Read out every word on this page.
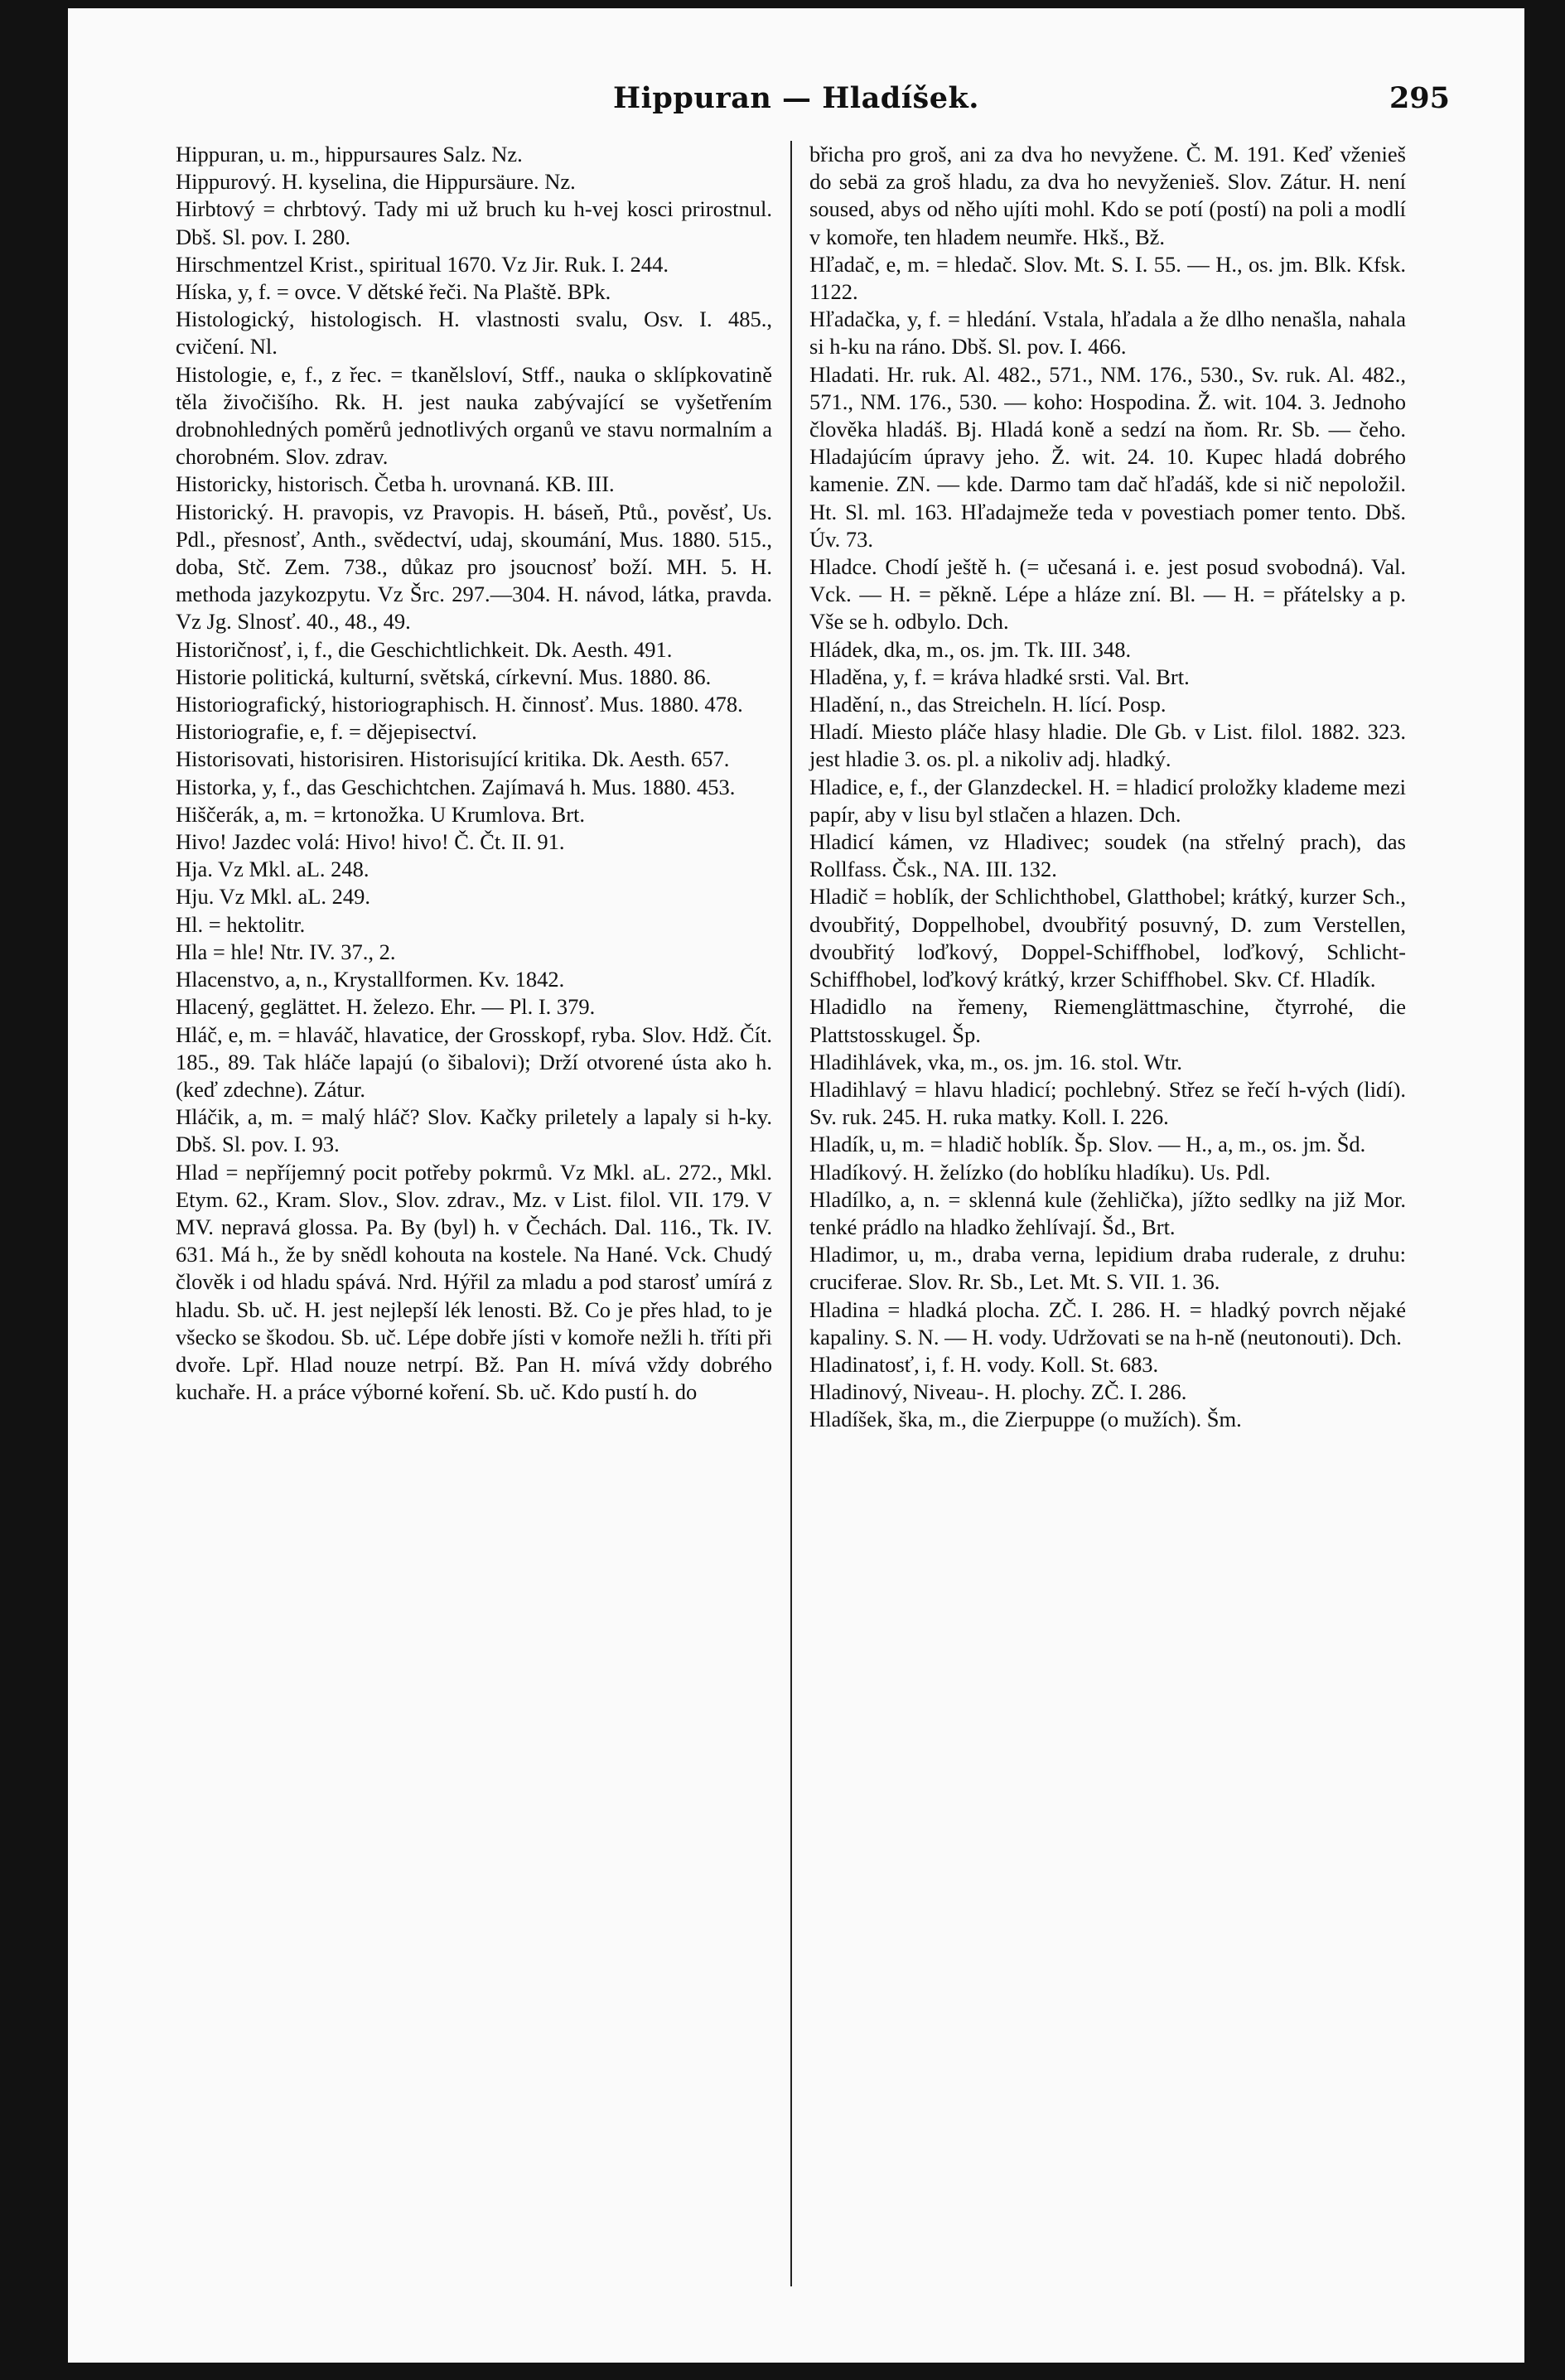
Hippuran — Hladíšek.	295

Hippuran, u. m., hippursaures Salz. Nz.

Hippurový. H. kyselina, die Hippursäure. Nz.

Hirbtový = chrbtový. Tady mi už bruch ku h-vej kosci prirostnul. Dbš. Sl. pov. I. 280.

Hirschmentzel Krist., spiritual 1670. Vz Jir. Ruk. I. 244.

Híska, y, f. = ovce. V dětské řeči. Na Plaště. BPk.

Histologický, histologisch. H. vlastnosti svalu, Osv. I. 485., cvičení. Nl.

Histologie, e, f., z řec. = tkanělsloví, Stff., nauka o sklípkovatině těla živočišího. Rk. H. jest nauka zabývající se vyšetřením drobnohledných poměrů jednotlivých organů ve stavu normalním a chorobném. Slov. zdrav.

Historicky, historisch. Četba h. urovnaná. KB. III.

Historický. H. pravopis, vz Pravopis. H. báseň, Ptů., pověsť, Us. Pdl., přesnosť, Anth., svědectví, udaj, skoumání, Mus. 1880. 515., doba, Stč. Zem. 738., důkaz pro jsoucnosť boží. MH. 5. H. methoda jazykozpytu. Vz Šrc. 297.—304. H. návod, látka, pravda. Vz Jg. Slnosť. 40., 48., 49.

Historičnosť, i, f., die Geschichtlichkeit. Dk. Aesth. 491.

Historie politická, kulturní, světská, církevní. Mus. 1880. 86.

Historiografický, historiographisch. H. činnosť. Mus. 1880. 478.

Historiografie, e, f. = dějepisectví.

Historisovati, historisiren. Historisující kritika. Dk. Aesth. 657.

Historka, y, f., das Geschichtchen. Zajímavá h. Mus. 1880. 453.

Hiščerák, a, m. = krtonožka. U Krumlova. Brt.

Hivo! Jazdec volá: Hivo! hivo! Č. Čt. II. 91.

Hja. Vz Mkl. aL. 248.

Hju. Vz Mkl. aL. 249.

Hl. = hektolitr.

Hla = hle! Ntr. IV. 37., 2.

Hlacenstvo, a, n., Krystallformen. Kv. 1842.

Hlacený, geglättet. H. železo. Ehr. — Pl. I. 379.

Hláč, e, m. = hlaváč, hlavatice, der Grosskopf, ryba. Slov. Hdž. Čít. 185., 89. Tak hláče lapajú (o šibalovi); Drží otvorené ústa ako h. (keď zdechne). Zátur.

Hláčik, a, m. = malý hláč? Slov. Kačky priletely a lapaly si h-ky. Dbš. Sl. pov. I. 93.

Hlad = nepříjemný pocit potřeby pokrmů. Vz Mkl. aL. 272., Mkl. Etym. 62., Kram. Slov., Slov. zdrav., Mz. v List. filol. VII. 179. V MV. nepravá glossa. Pa. By (byl) h. v Čechách. Dal. 116., Tk. IV. 631. Má h., že by snědl kohouta na kostele. Na Hané. Vck. Chudý člověk i od hladu spává. Nrd. Hýřil za mladu a pod starosť umírá z hladu. Sb. uč. H. jest nejlepší lék lenosti. Bž. Co je přes hlad, to je všecko se škodou. Sb. uč. Lépe dobře jísti v komoře nežli h. tříti při dvoře. Lpř. Hlad nouze netrpí. Bž. Pan H. mívá vždy dobrého kuchaře. H. a práce výborné koření. Sb. uč. Kdo pustí h. do

břicha pro groš, ani za dva ho nevyžene. Č. M. 191. Keď vženieš do sebä za groš hladu, za dva ho nevyženieš. Slov. Zátur. H. není soused, abys od něho ujíti mohl. Kdo se potí (postí) na poli a modlí v komoře, ten hladem neumře. Hkš., Bž.

Hľadač, e, m. = hledač. Slov. Mt. S. I. 55. — H., os. jm. Blk. Kfsk. 1122.

Hľadačka, y, f. = hledání. Vstala, hľadala a že dlho nenašla, nahala si h-ku na ráno. Dbš. Sl. pov. I. 466.

Hladati. Hr. ruk. Al. 482., 571., NM. 176., 530., Sv. ruk. Al. 482., 571., NM. 176., 530. — koho: Hospodina. Ž. wit. 104. 3. Jednoho člověka hladáš. Bj. Hladá koně a sedzí na ňom. Rr. Sb. — čeho. Hladajúcím úpravy jeho. Ž. wit. 24. 10. Kupec hladá dobrého kamenie. ZN. — kde. Darmo tam dač hľadáš, kde si nič nepoložil. Ht. Sl. ml. 163. Hľadajmeže teda v povestiach pomer tento. Dbš. Úv. 73.

Hladce. Chodí ještě h. (= učesaná i. e. jest posud svobodná). Val. Vck. — H. = pěkně. Lépe a hláze zní. Bl. — H. = přátelsky a p. Vše se h. odbylo. Dch.

Hládek, dka, m., os. jm. Tk. III. 348.

Hladěna, y, f. = kráva hladké srsti. Val. Brt.

Hladění, n., das Streicheln. H. lící. Posp.

Hladí. Miesto pláče hlasy hladie. Dle Gb. v List. filol. 1882. 323. jest hladie 3. os. pl. a nikoliv adj. hladký.

Hladice, e, f., der Glanzdeckel. H. = hladicí proložky klademe mezi papír, aby v lisu byl stlačen a hlazen. Dch.

Hladicí kámen, vz Hladivec; soudek (na střelný prach), das Rollfass. Čsk., NA. III. 132.

Hladič = hoblík, der Schlichthobel, Glatthobel; krátký, kurzer Sch., dvoubřitý, Doppelhobel, dvoubřitý posuvný, D. zum Verstellen, dvoubřitý loďkový, Doppel-Schiffhobel, loďkový, Schlicht-Schiffhobel, loďkový krátký, krzer Schiffhobel. Skv. Cf. Hladík.

Hladidlo na řemeny, Riemenglättmaschine, čtyrrohé, die Plattstosskugel. Šp.

Hladihlávek, vka, m., os. jm. 16. stol. Wtr.

Hladihlavý = hlavu hladicí; pochlebný. Střez se řečí h-vých (lidí). Sv. ruk. 245. H. ruka matky. Koll. I. 226.

Hladík, u, m. = hladič hoblík. Šp. Slov. — H., a, m., os. jm. Šd.

Hladíkový. H. želízko (do hoblíku hladíku). Us. Pdl.

Hladílko, a, n. = sklenná kule (žehlička), jížto sedlky na již Mor. tenké prádlo na hladko žehlívají. Šd., Brt.

Hladimor, u, m., draba verna, lepidium draba ruderale, z druhu: cruciferae. Slov. Rr. Sb., Let. Mt. S. VII. 1. 36.

Hladina = hladká plocha. ZČ. I. 286. H. = hladký povrch nějaké kapaliny. S. N. — H. vody. Udržovati se na h-ně (neutonouti). Dch.

Hladinatosť, i, f. H. vody. Koll. St. 683.

Hladinový, Niveau-. H. plochy. ZČ. I. 286.

Hladíšek, ška, m., die Zierpuppe (o mužích). Šm.
